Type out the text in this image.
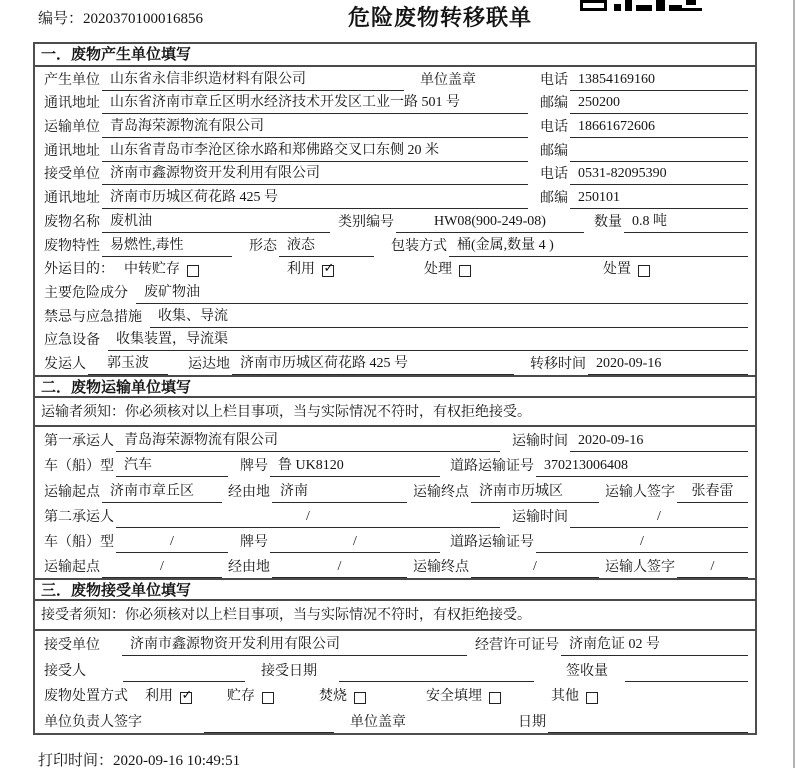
编号：2020370100016856	危险废物转移联单
一．废物产生单位填写
产生单位 山东省永信非织造材料有限公司	单位盖章	电话 13854169160
通讯地址 山东省济南市章丘区明水经济技术开发区工业一路 501 号	邮编 250200
运输单位 青岛海荣源物流有限公司	电话 18661672606
通讯地址 山东省青岛市李沧区徐水路和郑佛路交叉口东侧 20 米	邮编
接受单位 济南市鑫源物资开发利用有限公司	电话 0531-82095390
通讯地址 济南市历城区荷花路 425 号	邮编 250101
废物名称 废机油	类别编号	HW08(900-249-08)	数量 0.8 吨
废物特性 易燃性,毒性	形态 液态	包装方式 桶(金属,数量 4 )
外运目的： 中转贮存	利用 ✓	处理	处置
主要危险成分	废矿物油
禁忌与应急措施	收集、导流
应急设备	收集装置，导流渠
发运人	郭玉波	运达地 济南市历城区荷花路 425 号	转移时间 2020-09-16
二．废物运输单位填写
运输者须知：你必须核对以上栏目事项，当与实际情况不符时，有权拒绝接受。
第一承运人 青岛海荣源物流有限公司	运输时间 2020-09-16
车（船）型 汽车	牌号 鲁 UK8120	道路运输证号 370213006408
运输起点 济南市章丘区	经由地 济南	运输终点 济南市历城区	运输人签字	张春雷
第二承运人	/	运输时间	/
车（船）型	/	牌号	/	道路运输证号	/
运输起点	/	经由地	/	运输终点	/	运输人签字	/
三．废物接受单位填写
接受者须知：你必须核对以上栏目事项，当与实际情况不符时，有权拒绝接受。
接受单位	济南市鑫源物资开发利用有限公司	经营许可证号 济南危证 02 号
接受人	接受日期	签收量
废物处置方式 利用 ✓ 贮存	焚烧	安全填埋	其他
单位负责人签字	单位盖章	日期
打印时间：2020-09-16 10:49:51
